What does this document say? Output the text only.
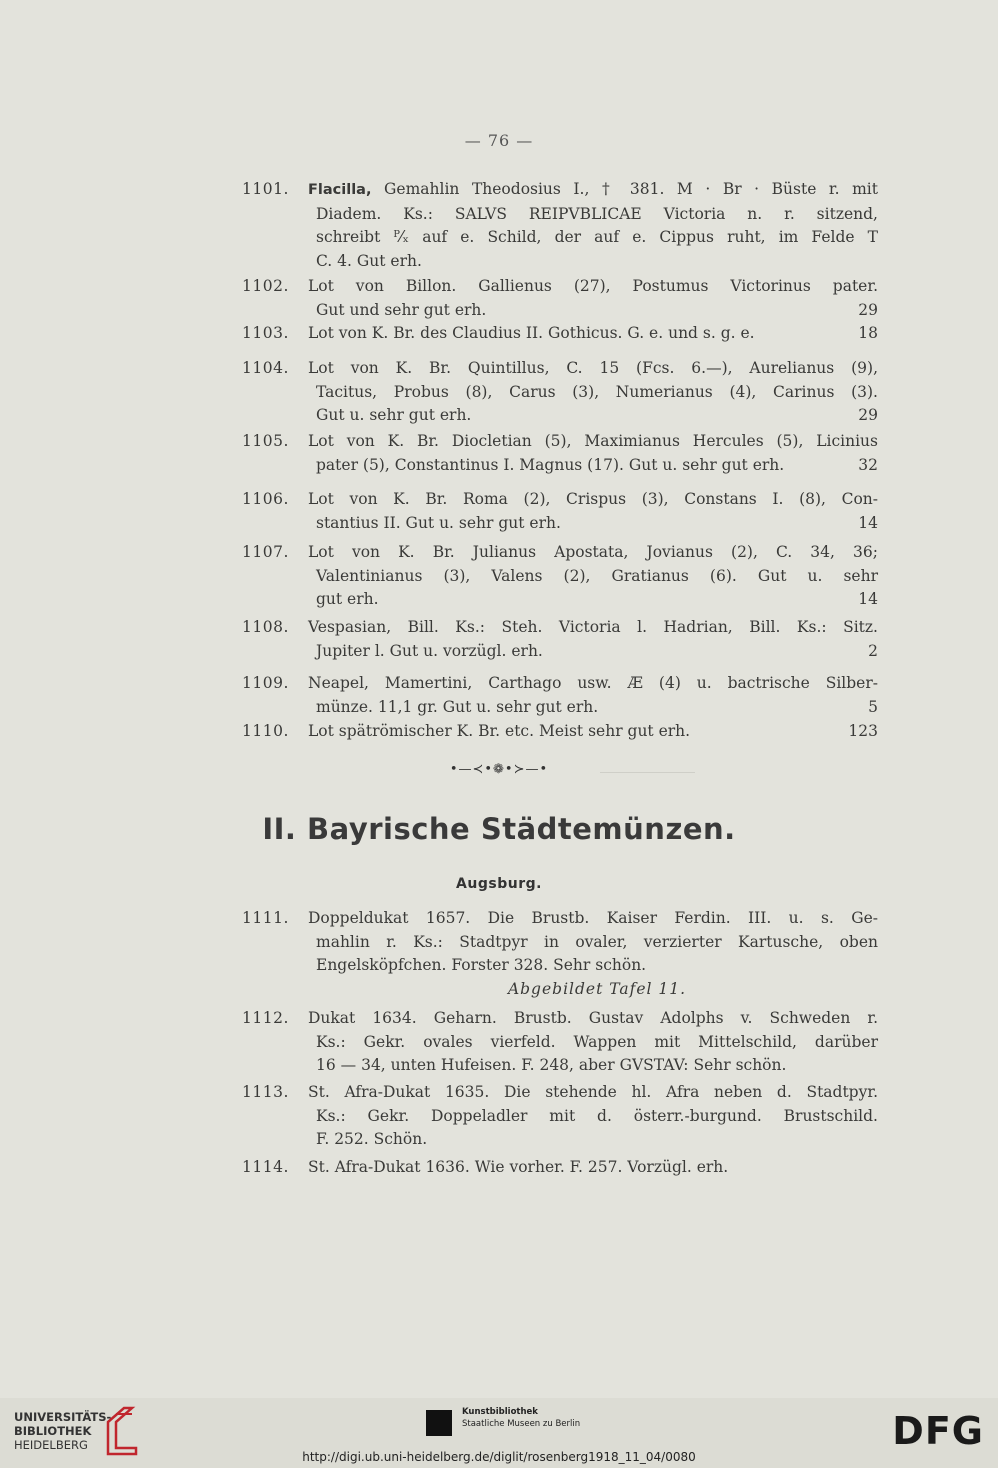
— 76 —
1101. Flacilla, Gemahlin Theodosius I., † 381. M · Br · Büste r. mit
Diadem. Ks.: SALVS REIPVBLICAE Victoria n. r. sitzend,
schreibt ᴾ⁄ₓ auf e. Schild, der auf e. Cippus ruht, im Felde T
C. 4. Gut erh.
1102. Lot von Billon. Gallienus (27), Postumus Victorinus pater.
Gut und sehr gut erh.	29
1103. Lot von K. Br. des Claudius II. Gothicus. G. e. und s. g. e.	18
1104. Lot von K. Br. Quintillus, C. 15 (Fcs. 6.—), Aurelianus (9),
Tacitus, Probus (8), Carus (3), Numerianus (4), Carinus (3).
Gut u. sehr gut erh.	29
1105. Lot von K. Br. Diocletian (5), Maximianus Hercules (5), Licinius
pater (5), Constantinus I. Magnus (17). Gut u. sehr gut erh.	32
1106. Lot von K. Br. Roma (2), Crispus (3), Constans I. (8), Con-
stantius II. Gut u. sehr gut erh.	14
1107. Lot von K. Br. Julianus Apostata, Jovianus (2), C. 34, 36;
Valentinianus (3), Valens (2), Gratianus (6). Gut u. sehr
gut erh.	14
1108. Vespasian, Bill. Ks.: Steh. Victoria l. Hadrian, Bill. Ks.: Sitz.
Jupiter l. Gut u. vorzügl. erh.	2
1109. Neapel, Mamertini, Carthago usw. Æ (4) u. bactrische Silber-
münze. 11,1 gr. Gut u. sehr gut erh.	5
1110. Lot spätrömischer K. Br. etc. Meist sehr gut erh.	123
•—≺•❁•≻—•
II. Bayrische Städtemünzen.
Augsburg.
1111. Doppeldukat 1657. Die Brustb. Kaiser Ferdin. III. u. s. Ge-
mahlin r. Ks.: Stadtpyr in ovaler, verzierter Kartusche, oben
Engelsköpfchen. Forster 328. Sehr schön.
Abgebildet Tafel 11.
1112. Dukat 1634. Geharn. Brustb. Gustav Adolphs v. Schweden r.
Ks.: Gekr. ovales vierfeld. Wappen mit Mittelschild, darüber
16 — 34, unten Hufeisen. F. 248, aber GVSTAV: Sehr schön.
1113. St. Afra-Dukat 1635. Die stehende hl. Afra neben d. Stadtpyr.
Ks.: Gekr. Doppeladler mit d. österr.-burgund. Brustschild.
F. 252. Schön.
1114. St. Afra-Dukat 1636. Wie vorher. F. 257. Vorzügl. erh.
UNIVERSITÄTS-
BIBLIOTHEK
HEIDELBERG
Kunstbibliothek
Staatliche Museen zu Berlin	DFG
http://digi.ub.uni-heidelberg.de/diglit/rosenberg1918_11_04/0080
